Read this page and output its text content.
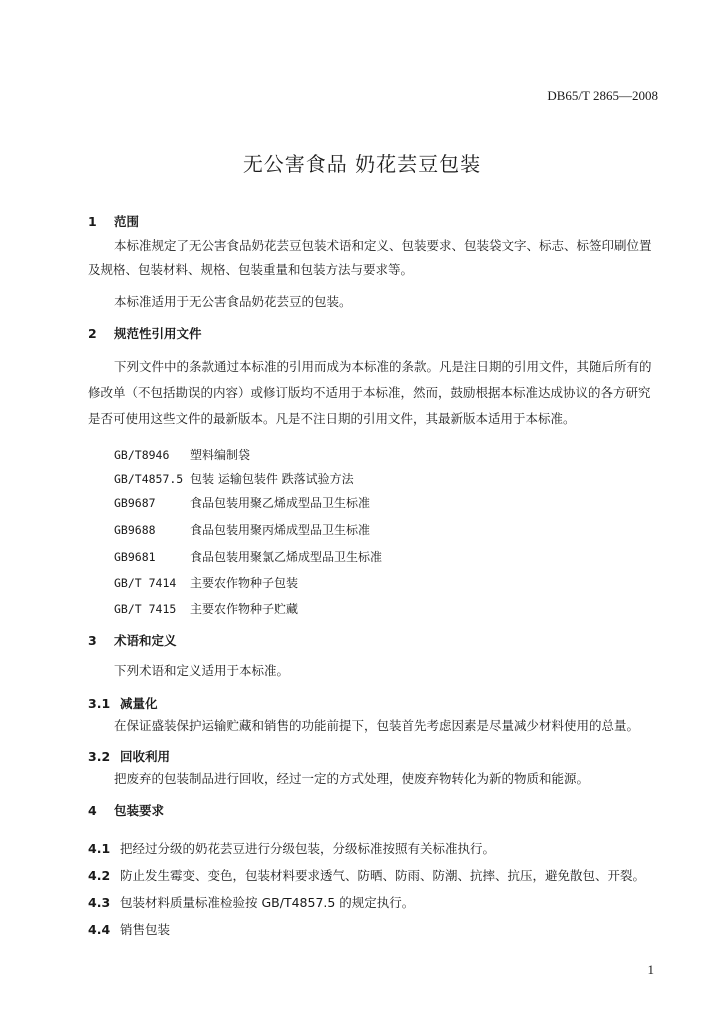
DB65/T 2865—2008
无公害食品 奶花芸豆包装
1 范围
本标准规定了无公害食品奶花芸豆包装术语和定义、包装要求、包装袋文字、标志、标签印刷位置及规格、包装材料、规格、包装重量和包装方法与要求等。
本标准适用于无公害食品奶花芸豆的包装。
2 规范性引用文件
下列文件中的条款通过本标准的引用而成为本标准的条款。凡是注日期的引用文件，其随后所有的修改单（不包括勘误的内容）或修订版均不适用于本标准，然而，鼓励根据本标准达成协议的各方研究是否可使用这些文件的最新版本。凡是不注日期的引用文件，其最新版本适用于本标准。
GB/T8946 塑料编制袋
GB/T4857.5 包装 运输包装件 跌落试验方法
GB9687	食品包装用聚乙烯成型品卫生标准
GB9688	食品包装用聚丙烯成型品卫生标准
GB9681	食品包装用聚氯乙烯成型品卫生标准
GB/T 7414 主要农作物种子包装
GB/T 7415 主要农作物种子贮藏
3 术语和定义
下列术语和定义适用于本标准。
3.1 减量化
在保证盛装保护运输贮藏和销售的功能前提下，包装首先考虑因素是尽量减少材料使用的总量。
3.2 回收利用
把废弃的包装制品进行回收，经过一定的方式处理，使废弃物转化为新的物质和能源。
4 包装要求
4.1 把经过分级的奶花芸豆进行分级包装，分级标准按照有关标准执行。
4.2 防止发生霉变、变色，包装材料要求透气、防晒、防雨、防潮、抗摔、抗压，避免散包、开裂。
4.3 包装材料质量标准检验按 GB/T4857.5 的规定执行。
4.4 销售包装
1
